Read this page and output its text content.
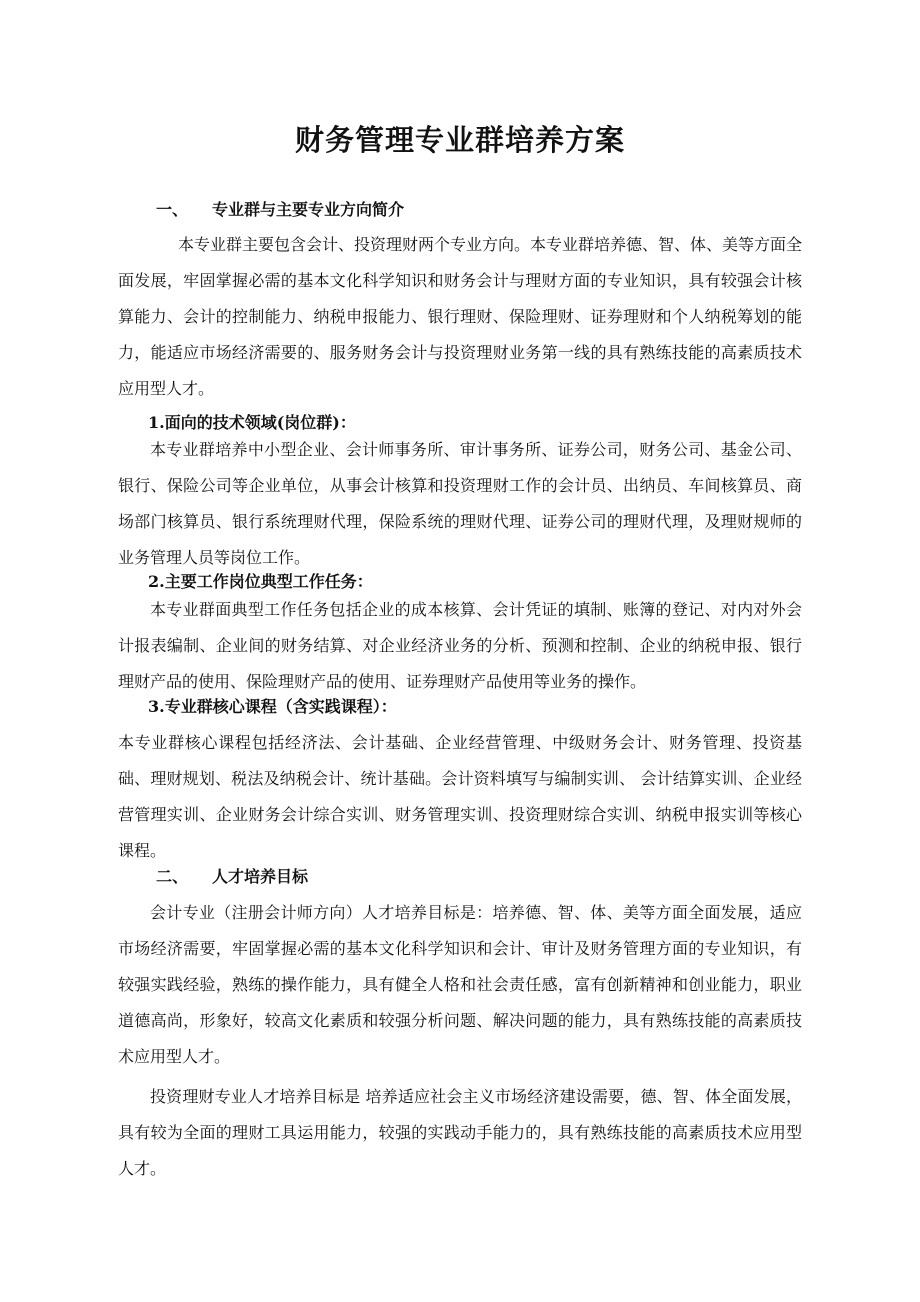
财务管理专业群培养方案
一、 专业群与主要专业方向简介
本专业群主要包含会计、投资理财两个专业方向。本专业群培养德、智、体、美等方面全面发展，牢固掌握必需的基本文化科学知识和财务会计与理财方面的专业知识，具有较强会计核算能力、会计的控制能力、纳税申报能力、银行理财、保险理财、证券理财和个人纳税筹划的能力，能适应市场经济需要的、服务财务会计与投资理财业务第一线的具有熟练技能的高素质技术应用型人才。
1.面向的技术领域(岗位群)：
本专业群培养中小型企业、会计师事务所、审计事务所、证券公司，财务公司、基金公司、银行、保险公司等企业单位，从事会计核算和投资理财工作的会计员、出纳员、车间核算员、商场部门核算员、银行系统理财代理，保险系统的理财代理、证券公司的理财代理，及理财规师的业务管理人员等岗位工作。
2.主要工作岗位典型工作任务：
本专业群面典型工作任务包括企业的成本核算、会计凭证的填制、账簿的登记、对内对外会计报表编制、企业间的财务结算、对企业经济业务的分析、预测和控制、企业的纳税申报、银行理财产品的使用、保险理财产品的使用、证券理财产品使用等业务的操作。
3.专业群核心课程（含实践课程）：
本专业群核心课程包括经济法、会计基础、企业经营管理、中级财务会计、财务管理、投资基础、理财规划、税法及纳税会计、统计基础。会计资料填写与编制实训、 会计结算实训、企业经营管理实训、企业财务会计综合实训、财务管理实训、投资理财综合实训、纳税申报实训等核心课程。
二、 人才培养目标
会计专业（注册会计师方向）人才培养目标是：培养德、智、体、美等方面全面发展，适应市场经济需要，牢固掌握必需的基本文化科学知识和会计、审计及财务管理方面的专业知识，有较强实践经验，熟练的操作能力，具有健全人格和社会责任感，富有创新精神和创业能力，职业道德高尚，形象好，较高文化素质和较强分析问题、解决问题的能力，具有熟练技能的高素质技术应用型人才。
投资理财专业人才培养目标是 培养适应社会主义市场经济建设需要，德、智、体全面发展，具有较为全面的理财工具运用能力，较强的实践动手能力的，具有熟练技能的高素质技术应用型人才。
